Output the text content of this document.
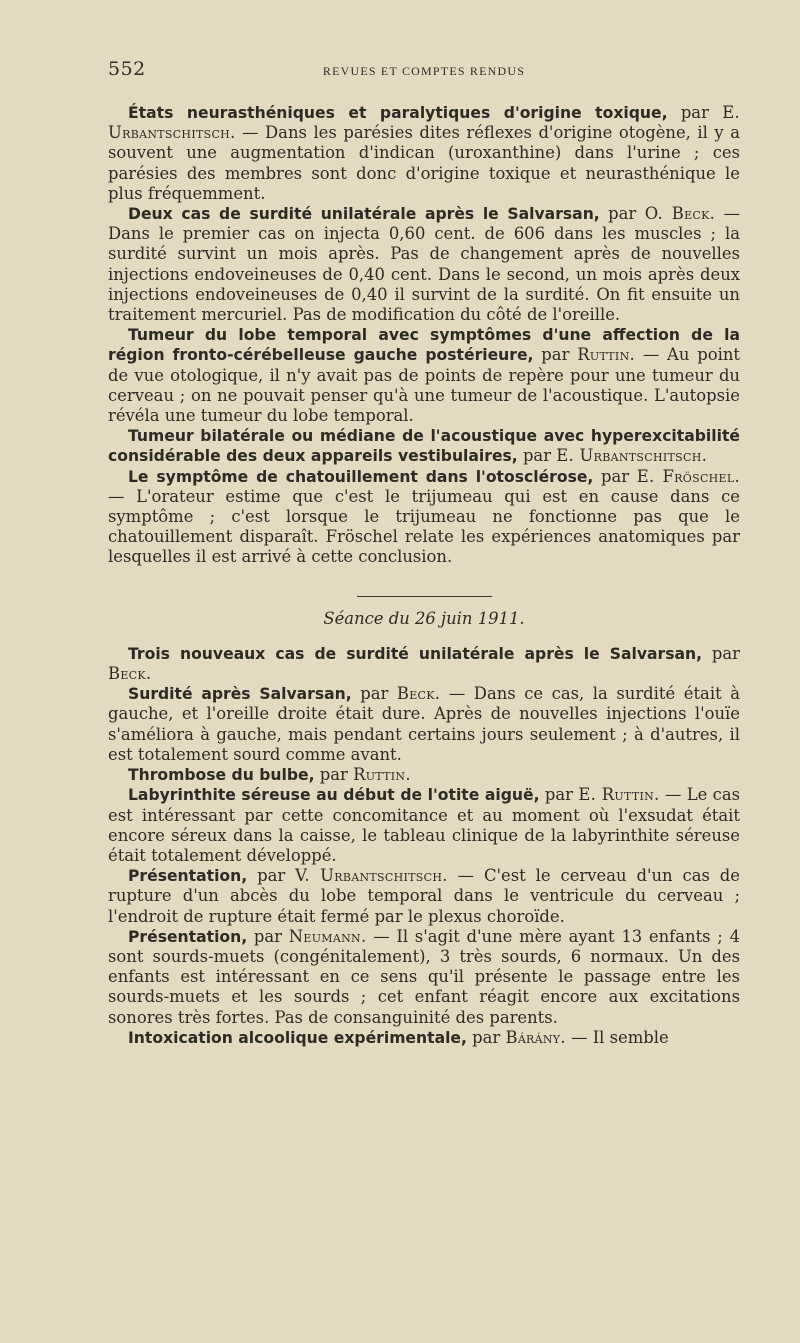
552	REVUES ET COMPTES RENDUS

États neurasthéniques et paralytiques d'origine toxique, par E. Urbantschitsch. — Dans les parésies dites réflexes d'origine otogène, il y a souvent une augmentation d'indican (uroxanthine) dans l'urine ; ces parésies des membres sont donc d'origine toxique et neurasthénique le plus fréquemment.

Deux cas de surdité unilatérale après le Salvarsan, par O. Beck. — Dans le premier cas on injecta 0,60 cent. de 606 dans les muscles ; la surdité survint un mois après. Pas de changement après de nouvelles injections endoveineuses de 0,40 cent. Dans le second, un mois après deux injections endoveineuses de 0,40 il survint de la surdité. On fit ensuite un traitement mercuriel. Pas de modification du côté de l'oreille.

Tumeur du lobe temporal avec symptômes d'une affection de la région fronto-cérébelleuse gauche postérieure, par Ruttin. — Au point de vue otologique, il n'y avait pas de points de repère pour une tumeur du cerveau ; on ne pouvait penser qu'à une tumeur de l'acoustique. L'autopsie révéla une tumeur du lobe temporal.

Tumeur bilatérale ou médiane de l'acoustique avec hyperexcitabilité considérable des deux appareils vestibulaires, par E. Urbantschitsch.

Le symptôme de chatouillement dans l'otosclérose, par E. Fröschel. — L'orateur estime que c'est le trijumeau qui est en cause dans ce symptôme ; c'est lorsque le trijumeau ne fonctionne pas que le chatouillement disparaît. Fröschel relate les expériences anatomiques par lesquelles il est arrivé à cette conclusion.

Séance du 26 juin 1911.

Trois nouveaux cas de surdité unilatérale après le Salvarsan, par Beck.

Surdité après Salvarsan, par Beck. — Dans ce cas, la surdité était à gauche, et l'oreille droite était dure. Après de nouvelles injections l'ouïe s'améliora à gauche, mais pendant certains jours seulement ; à d'autres, il est totalement sourd comme avant.

Thrombose du bulbe, par Ruttin.

Labyrinthite séreuse au début de l'otite aiguë, par E. Ruttin. — Le cas est intéressant par cette concomitance et au moment où l'exsudat était encore séreux dans la caisse, le tableau clinique de la labyrinthite séreuse était totalement développé.

Présentation, par V. Urbantschitsch. — C'est le cerveau d'un cas de rupture d'un abcès du lobe temporal dans le ventricule du cerveau ; l'endroit de rupture était fermé par le plexus choroïde.

Présentation, par Neumann. — Il s'agit d'une mère ayant 13 enfants ; 4 sont sourds-muets (congénitalement), 3 très sourds, 6 normaux. Un des enfants est intéressant en ce sens qu'il présente le passage entre les sourds-muets et les sourds ; cet enfant réagit encore aux excitations sonores très fortes. Pas de consanguinité des parents.

Intoxication alcoolique expérimentale, par Bárány. — Il semble
